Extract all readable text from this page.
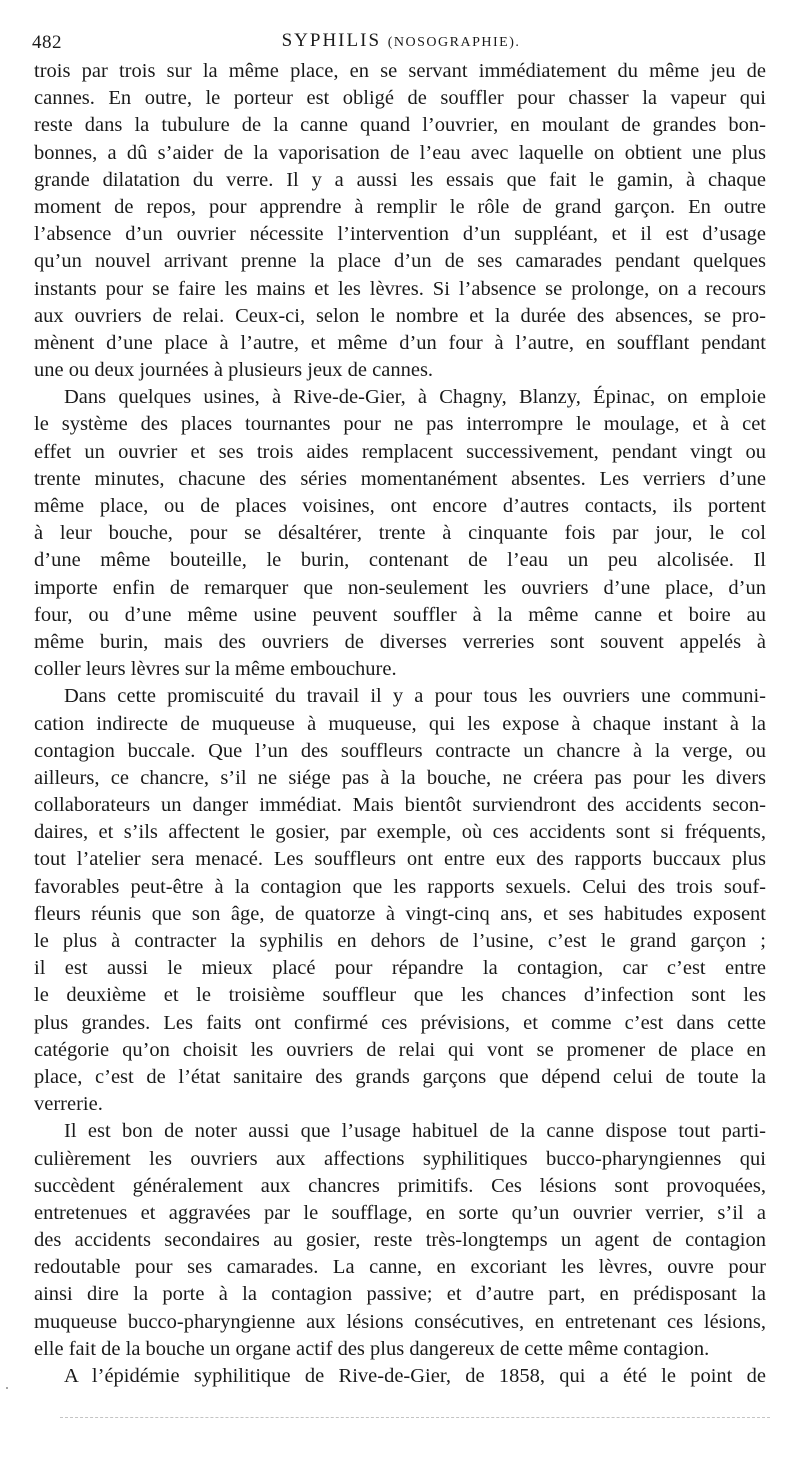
482	SYPHILIS (NOSOGRAPHIE).
trois par trois sur la même place, en se servant immédiatement du même jeu de
cannes. En outre, le porteur est obligé de souffler pour chasser la vapeur qui
reste dans la tubulure de la canne quand l’ouvrier, en moulant de grandes bon-
bonnes, a dû s’aider de la vaporisation de l’eau avec laquelle on obtient une plus
grande dilatation du verre. Il y a aussi les essais que fait le gamin, à chaque
moment de repos, pour apprendre à remplir le rôle de grand garçon. En outre
l’absence d’un ouvrier nécessite l’intervention d’un suppléant, et il est d’usage
qu’un nouvel arrivant prenne la place d’un de ses camarades pendant quelques
instants pour se faire les mains et les lèvres. Si l’absence se prolonge, on a recours
aux ouvriers de relai. Ceux-ci, selon le nombre et la durée des absences, se pro-
mènent d’une place à l’autre, et même d’un four à l’autre, en soufflant pendant
une ou deux journées à plusieurs jeux de cannes.
Dans quelques usines, à Rive-de-Gier, à Chagny, Blanzy, Épinac, on emploie
le système des places tournantes pour ne pas interrompre le moulage, et à cet
effet un ouvrier et ses trois aides remplacent successivement, pendant vingt ou
trente minutes, chacune des séries momentanément absentes. Les verriers d’une
même place, ou de places voisines, ont encore d’autres contacts, ils portent
à leur bouche, pour se désaltérer, trente à cinquante fois par jour, le col
d’une même bouteille, le burin, contenant de l’eau un peu alcolisée. Il
importe enfin de remarquer que non-seulement les ouvriers d’une place, d’un
four, ou d’une même usine peuvent souffler à la même canne et boire au
même burin, mais des ouvriers de diverses verreries sont souvent appelés à
coller leurs lèvres sur la même embouchure.
Dans cette promiscuité du travail il y a pour tous les ouvriers une communi-
cation indirecte de muqueuse à muqueuse, qui les expose à chaque instant à la
contagion buccale. Que l’un des souffleurs contracte un chancre à la verge, ou
ailleurs, ce chancre, s’il ne siége pas à la bouche, ne créera pas pour les divers
collaborateurs un danger immédiat. Mais bientôt surviendront des accidents secon-
daires, et s’ils affectent le gosier, par exemple, où ces accidents sont si fréquents,
tout l’atelier sera menacé. Les souffleurs ont entre eux des rapports buccaux plus
favorables peut-être à la contagion que les rapports sexuels. Celui des trois souf-
fleurs réunis que son âge, de quatorze à vingt-cinq ans, et ses habitudes exposent
le plus à contracter la syphilis en dehors de l’usine, c’est le grand garçon ;
il est aussi le mieux placé pour répandre la contagion, car c’est entre
le deuxième et le troisième souffleur que les chances d’infection sont les
plus grandes. Les faits ont confirmé ces prévisions, et comme c’est dans cette
catégorie qu’on choisit les ouvriers de relai qui vont se promener de place en
place, c’est de l’état sanitaire des grands garçons que dépend celui de toute la
verrerie.
Il est bon de noter aussi que l’usage habituel de la canne dispose tout parti-
culièrement les ouvriers aux affections syphilitiques bucco-pharyngiennes qui
succèdent généralement aux chancres primitifs. Ces lésions sont provoquées,
entretenues et aggravées par le soufflage, en sorte qu’un ouvrier verrier, s’il a
des accidents secondaires au gosier, reste très-longtemps un agent de contagion
redoutable pour ses camarades. La canne, en excoriant les lèvres, ouvre pour
ainsi dire la porte à la contagion passive; et d’autre part, en prédisposant la
muqueuse bucco-pharyngienne aux lésions consécutives, en entretenant ces lésions,
elle fait de la bouche un organe actif des plus dangereux de cette même contagion.
A l’épidémie syphilitique de Rive-de-Gier, de 1858, qui a été le point de
